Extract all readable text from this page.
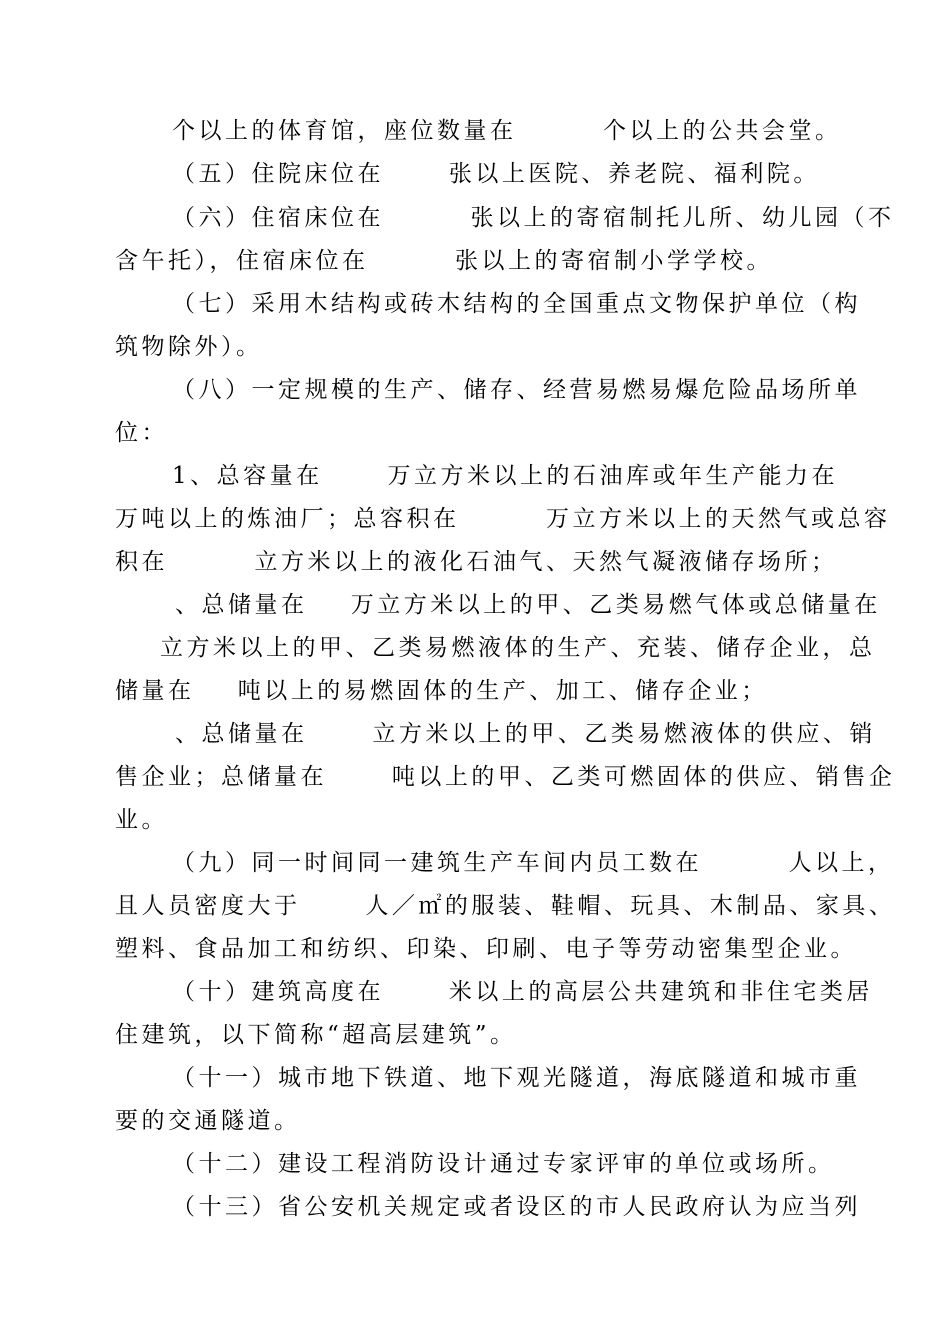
个以上的体育馆，座位数量在        个以上的公共会堂。
（五）住院床位在      张以上医院、养老院、福利院。
（六）住宿床位在        张以上的寄宿制托儿所、幼儿园（不
含午托），住宿床位在        张以上的寄宿制小学学校。
（七）采用木结构或砖木结构的全国重点文物保护单位（构
筑物除外）。
（八）一定规模的生产、储存、经营易燃易爆危险品场所单
位：
1、总容量在      万立方米以上的石油库或年生产能力在
万吨以上的炼油厂；总容积在        万立方米以上的天然气或总容
积在        立方米以上的液化石油气、天然气凝液储存场所；
、总储量在    万立方米以上的甲、乙类易燃气体或总储量在
立方米以上的甲、乙类易燃液体的生产、充装、储存企业，总
储量在    吨以上的易燃固体的生产、加工、储存企业；
、总储量在      立方米以上的甲、乙类易燃液体的供应、销
售企业；总储量在      吨以上的甲、乙类可燃固体的供应、销售企
业。
（九）同一时间同一建筑生产车间内员工数在        人以上，
且人员密度大于      人／㎡的服装、鞋帽、玩具、木制品、家具、
塑料、食品加工和纺织、印染、印刷、电子等劳动密集型企业。
（十）建筑高度在      米以上的高层公共建筑和非住宅类居
住建筑，以下简称“超高层建筑”。
（十一）城市地下铁道、地下观光隧道，海底隧道和城市重
要的交通隧道。
（十二）建设工程消防设计通过专家评审的单位或场所。
（十三）省公安机关规定或者设区的市人民政府认为应当列
